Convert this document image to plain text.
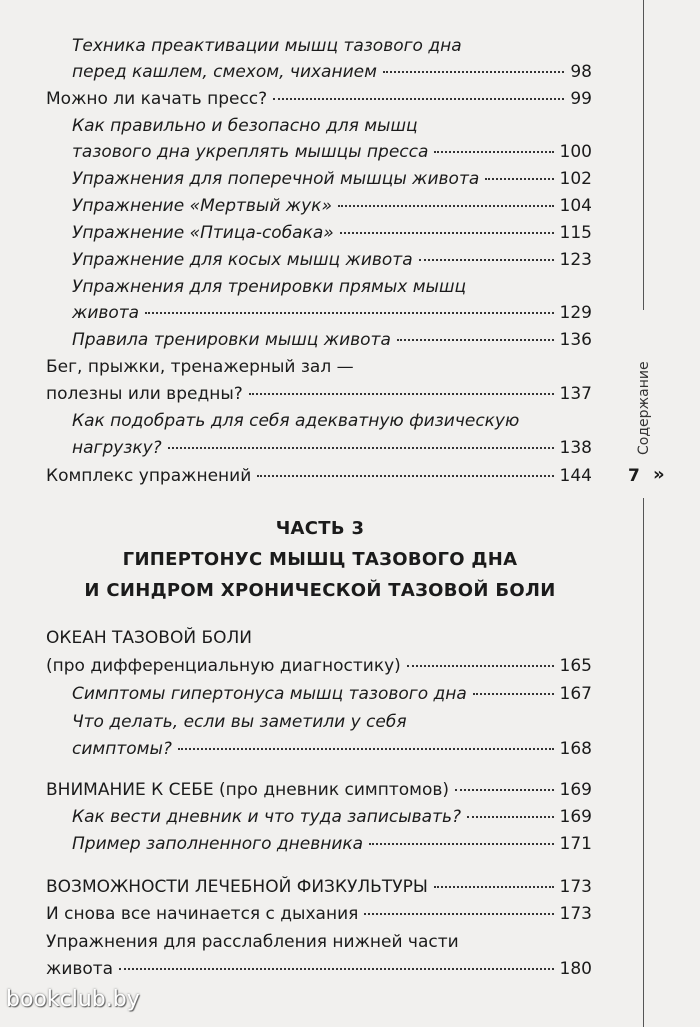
Техника преактивации мышц тазового дна
перед кашлем, смехом, чиханием	98
Можно ли качать пресс?	99
Как правильно и безопасно для мышц
тазового дна укреплять мышцы пресса	100
Упражнения для поперечной мышцы живота	102
Упражнение «Мертвый жук»	104
Упражнение «Птица-собака»	115
Упражнение для косых мышц живота	123
Упражнения для тренировки прямых мышц
живота	129
Правила тренировки мышц живота	136
Бег, прыжки, тренажерный зал —
полезны или вредны?	137
Как подобрать для себя адекватную физическую
нагрузку?	138
Комплекс упражнений	144
ЧАСТЬ 3
ГИПЕРТОНУС МЫШЦ ТАЗОВОГО ДНА
И СИНДРОМ ХРОНИЧЕСКОЙ ТАЗОВОЙ БОЛИ
ОКЕАН ТАЗОВОЙ БОЛИ
(про дифференциальную диагностику)	165
Симптомы гипертонуса мышц тазового дна	167
Что делать, если вы заметили у себя
симптомы?	168
ВНИМАНИЕ К СЕБЕ (про дневник симптомов)	169
Как вести дневник и что туда записывать?	169
Пример заполненного дневника	171
ВОЗМОЖНОСТИ ЛЕЧЕБНОЙ ФИЗКУЛЬТУРЫ	173
И снова все начинается с дыхания	173
Упражнения для расслабления нижней части
живота	180
Содержание
7 »
bookclub.by
